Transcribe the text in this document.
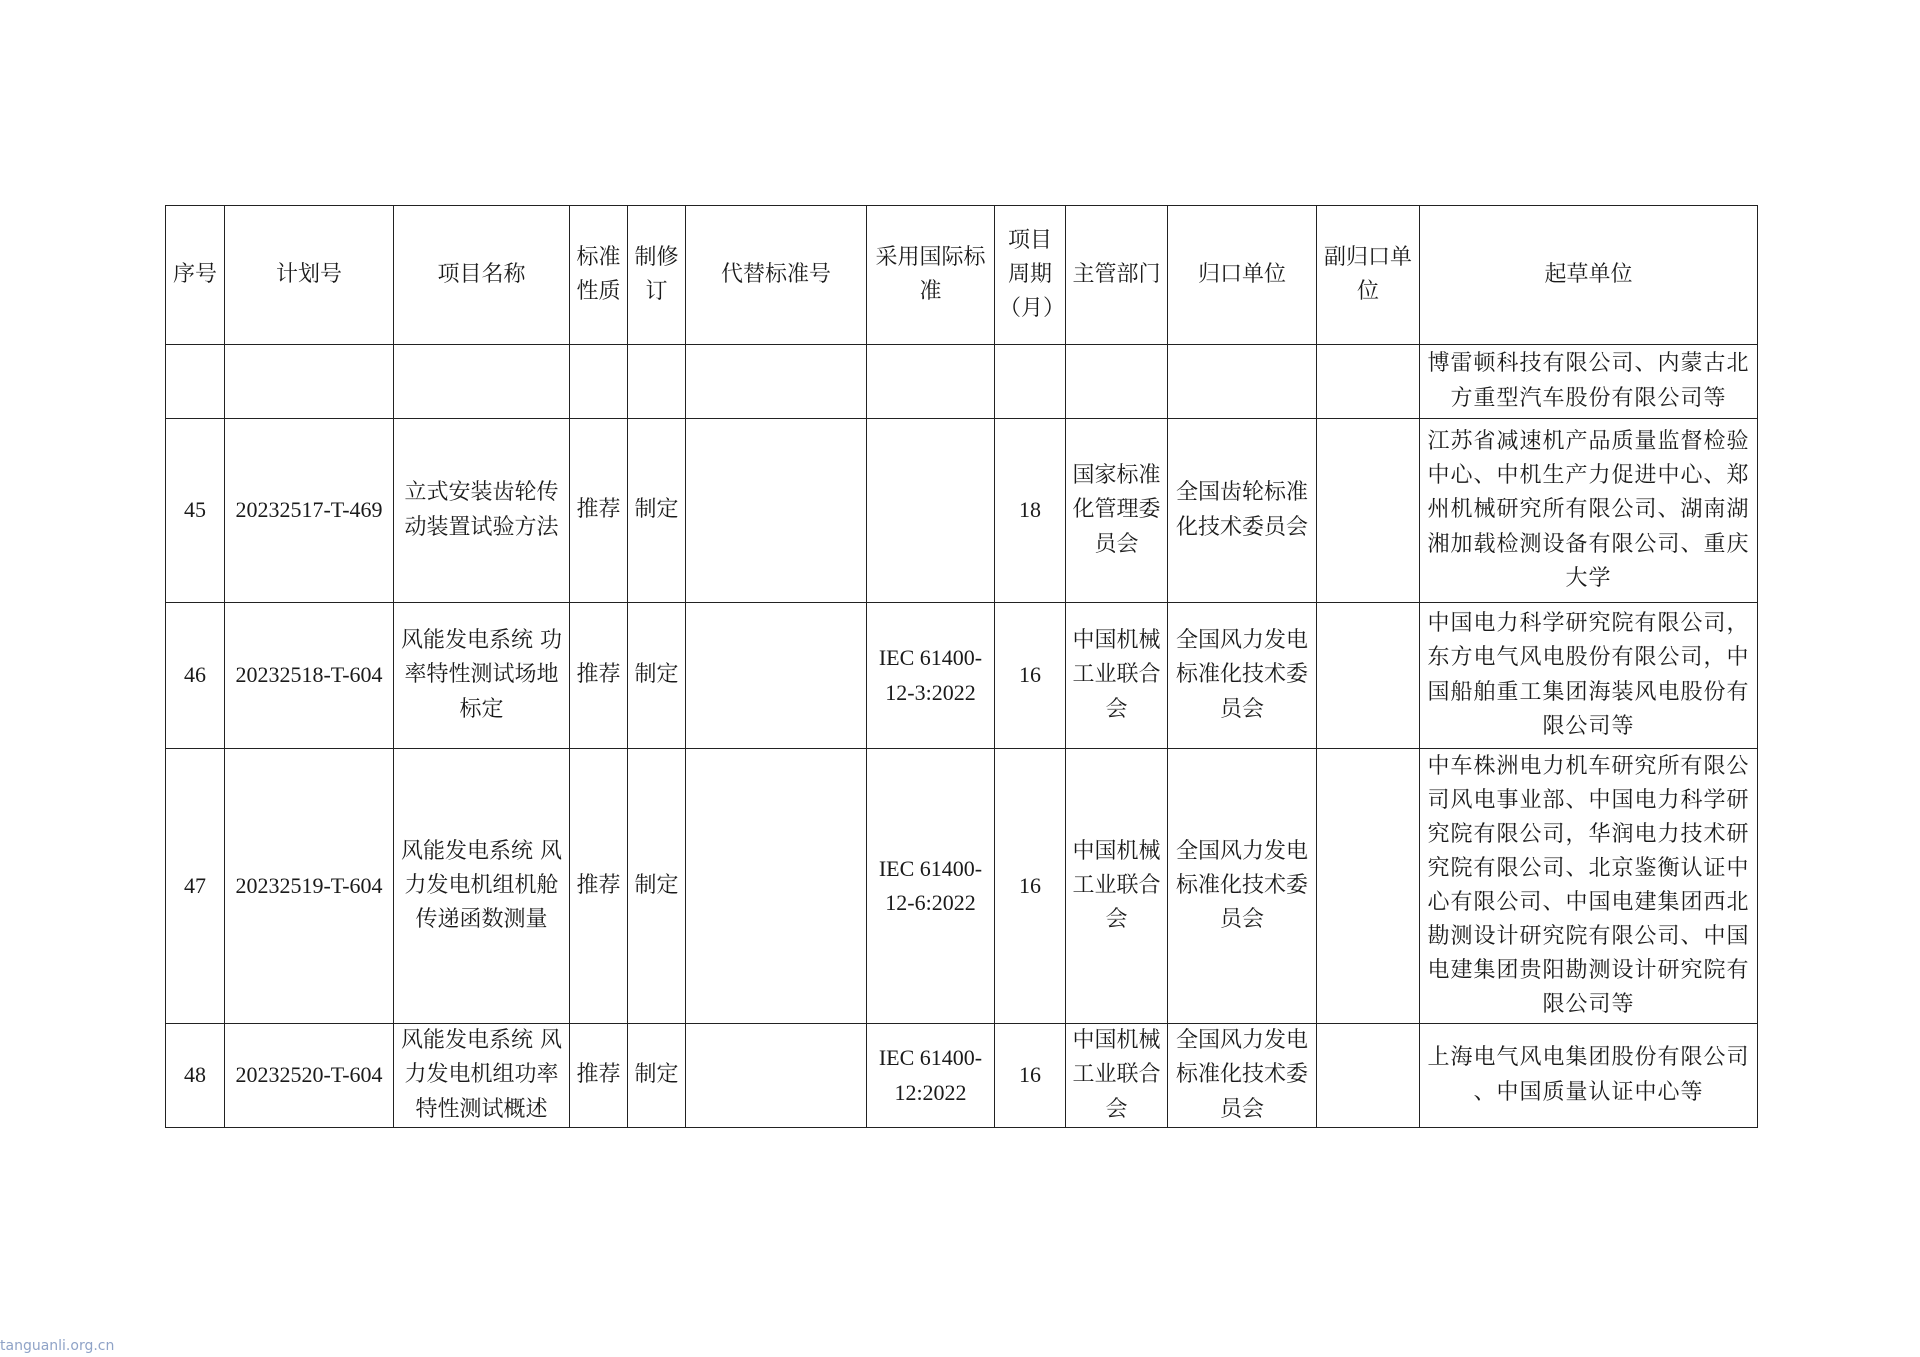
序号	计划号	项目名称	标准性质	制修订	代替标准号	采用国际标准	项目周期（月）	主管部门	归口单位	副归口单位	起草单位
											博雷顿科技有限公司、内蒙古北方重型汽车股份有限公司等
45	20232517-T-469	立式安装齿轮传动装置试验方法	推荐	制定			18	国家标准化管理委员会	全国齿轮标准化技术委员会		江苏省减速机产品质量监督检验中心、中机生产力促进中心、郑州机械研究所有限公司、湖南湖湘加载检测设备有限公司、重庆大学
46	20232518-T-604	风能发电系统 功率特性测试场地标定	推荐	制定		IEC 61400-12-3:2022	16	中国机械工业联合会	全国风力发电标准化技术委员会		中国电力科学研究院有限公司，东方电气风电股份有限公司，中国船舶重工集团海装风电股份有限公司等
47	20232519-T-604	风能发电系统 风力发电机组机舱传递函数测量	推荐	制定		IEC 61400-12-6:2022	16	中国机械工业联合会	全国风力发电标准化技术委员会		中车株洲电力机车研究所有限公司风电事业部、中国电力科学研究院有限公司，华润电力技术研究院有限公司、北京鉴衡认证中心有限公司、中国电建集团西北勘测设计研究院有限公司、中国电建集团贵阳勘测设计研究院有限公司等
48	20232520-T-604	风能发电系统 风力发电机组功率特性测试概述	推荐	制定		IEC 61400-12:2022	16	中国机械工业联合会	全国风力发电标准化技术委员会		上海电气风电集团股份有限公司 、中国质量认证中心等
tanguanli.org.cn
